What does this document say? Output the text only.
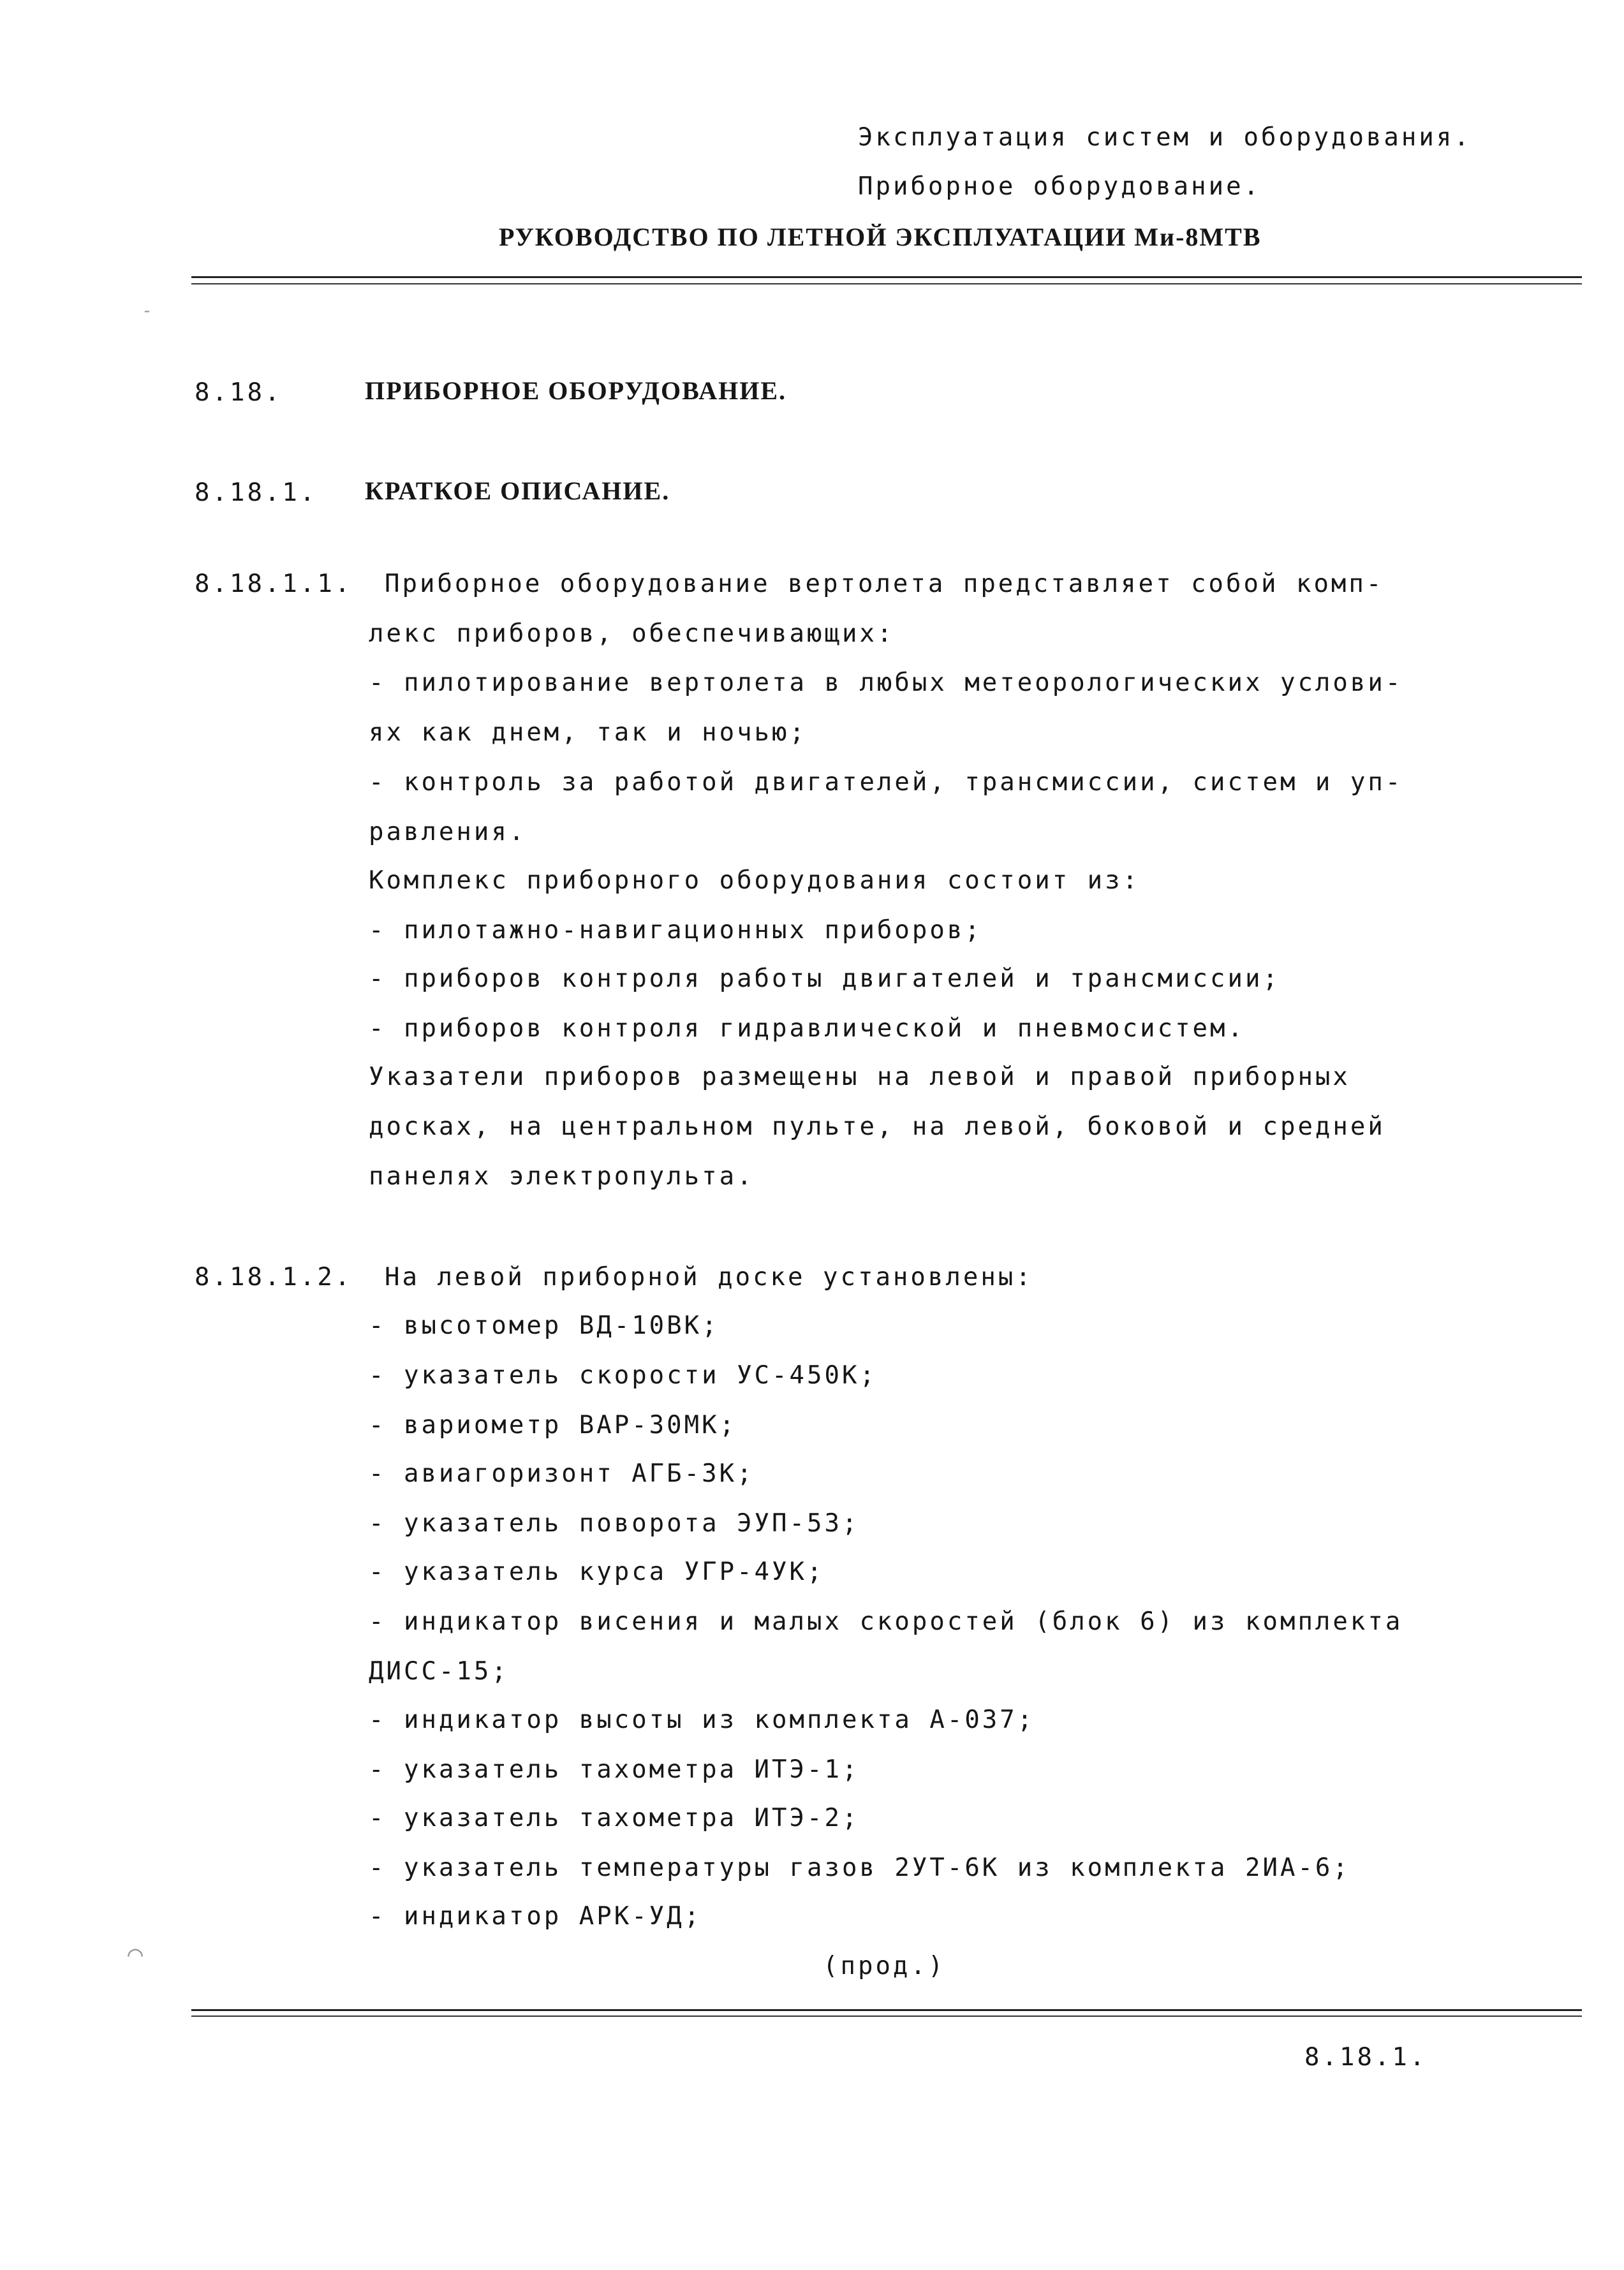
Эксплуатация систем и оборудования.
Приборное оборудование.
РУКОВОДСТВО ПО ЛЕТНОЙ ЭКСПЛУАТАЦИИ Ми-8МТВ
8.18.	ПРИБОРНОЕ ОБОРУДОВАНИЕ.
8.18.1. КРАТКОЕ ОПИСАНИЕ.
8.18.1.1. Приборное оборудование вертолета представляет собой комп-
лекс приборов, обеспечивающих:
- пилотирование вертолета в любых метеорологических услови-
ях как днем, так и ночью;
- контроль за работой двигателей, трансмиссии, систем и уп-
равления.
Комплекс приборного оборудования состоит из:
- пилотажно-навигационных приборов;
- приборов контроля работы двигателей и трансмиссии;
- приборов контроля гидравлической и пневмосистем.
Указатели приборов размещены на левой и правой приборных
досках, на центральном пульте, на левой, боковой и средней
панелях электропульта.
8.18.1.2. На левой приборной доске установлены:
- высотомер ВД-10ВК;
- указатель скорости УС-450К;
- вариометр ВАР-30МК;
- авиагоризонт АГБ-3К;
- указатель поворота ЭУП-53;
- указатель курса УГР-4УК;
- индикатор висения и малых скоростей (блок 6) из комплекта
ДИСС-15;
- индикатор высоты из комплекта А-037;
- указатель тахометра ИТЭ-1;
- указатель тахометра ИТЭ-2;
- указатель температуры газов 2УТ-6К из комплекта 2ИА-6;
- индикатор АРК-УД;
(прод.)
8.18.1.
-
⌒
